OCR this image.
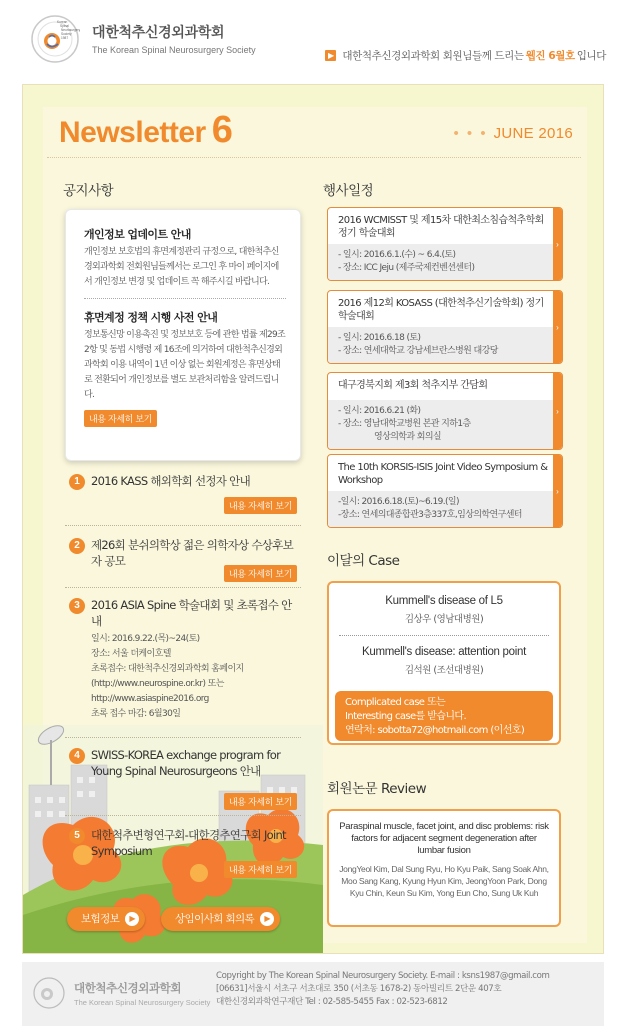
Korean
Spinal
Neurosurgery
Society
1987 대한척추신경외과학회
The Korean Spinal Neurosurgery Society
▶ 대한척추신경외과학회 회원님들께 드리는 웹진 6월호 입니다
Newsletter 6	• • • JUNE 2016
공지사항	행사일정
개인정보 업데이트 안내

개인정보 보호법의 휴면계정관리 규정으로, 대한척추신경외과학회 전회원님들께서는 로그인 후 마이 페이지에서 개인정보 변경 및 업데이트 꼭 해주시길 바랍니다.

휴면계정 정책 시행 사전 안내

정보통신망 이용촉진 및 정보보호 등에 관한 법률 제29조 2항 및 동법 시행령 제 16조에 의거하여 대한척추신경외과학회 이용 내역이 1년 이상 없는 회원계정은 휴면상태로 전환되어 개인정보를 별도 보관처리함을 알려드립니다.

내용 자세히 보기
1 2016 KASS 해외학회 선정자 안내
내용 자세히 보기
2 제26회 분쉬의학상 젊은 의학자상 수상후보자 공모
내용 자세히 보기
3 2016 ASIA Spine 학술대회 및 초록접수 안내
일시: 2016.9.22.(목)~24(토)
장소: 서울 더케이호텔
초록접수: 대한척추신경외과학회 홈페이지
(http://www.neurospine.or.kr) 또는
http://www.asiaspine2016.org
초록 접수 마감: 6월30일
4 SWISS-KOREA exchange program for Young Spinal Neurosurgeons 안내
내용 자세히 보기
5 대한척추변형연구회-대한경추연구회 Joint Symposium
내용 자세히 보기
2016 WCMISST 및 제15차 대한최소침습척추학회 정기 학술대회
- 일시: 2016.6.1.(수) ~ 6.4.(토)
- 장소: ICC Jeju (제주국제컨벤션센터)
›
2016 제12회 KOSASS (대한척추신기술학회) 정기학술대회
- 일시: 2016.6.18 (토)
- 장소: 연세대학교 강남세브란스병원 대강당
›
대구경북지회 제3회 척추지부 간담회
- 일시: 2016.6.21 (화)
- 장소: 영남대학교병원 본관 지하1층
영상의학과 회의실
›
The 10th KORSIS-ISIS Joint Video Symposium & Workshop
-일시: 2016.6.18.(토)~6.19.(일)
-장소: 연세의대종합관3층337호,임상의학연구센터
›
이달의 Case
Kummell's disease of L5
김상우 (영남대병원)
Kummell's disease: attention point
김석원 (조선대병원)
Complicated case 또는
Interesting case를 받습니다.
연락처: sobotta72@hotmail.com (이선호)
회원논문 Review
Paraspinal muscle, facet joint, and disc problems: risk factors for adjacent segment degeneration after lumbar fusion
JongYeol Kim, Dal Sung Ryu, Ho Kyu Paik, Sang Soak Ahn, Moo Sang Kang, Kyung Hyun Kim, JeongYoon Park, Dong Kyu Chin, Keun Su Kim, Yong Eun Cho, Sung Uk Kuh
보험정보	▶	상임이사회 회의록	▶
대한척추신경외과학회
The Korean Spinal Neurosurgery Society
Copyright by The Korean Spinal Neurosurgery Society. E-mail : ksns1987@gmail.com
[06631]서울시 서초구 서초대로 350 (서초동 1678-2) 동아빌리트 2단운 407호
대한신경외과학연구재단 Tel : 02-585-5455 Fax : 02-523-6812
